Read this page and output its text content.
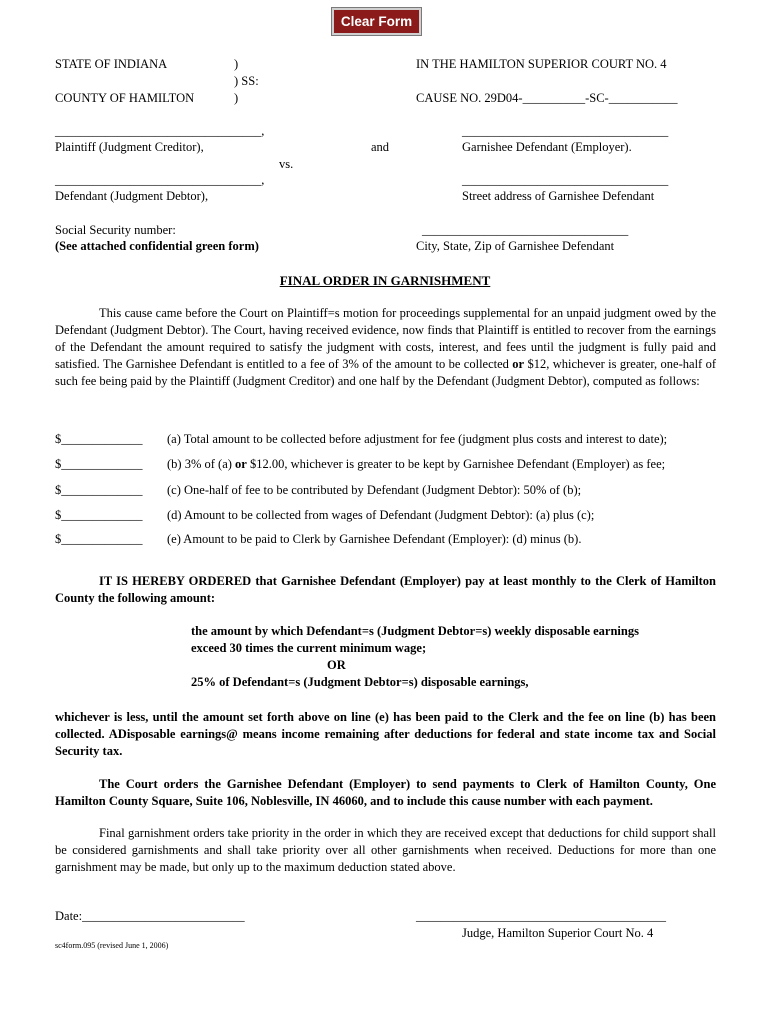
Clear Form
STATE OF INDIANA
COUNTY OF HAMILTON
)
) SS:
)
IN THE HAMILTON SUPERIOR COURT NO. 4
CAUSE NO. 29D04-__________-SC-___________
_________________________________,
Plaintiff (Judgment Creditor),	and
vs.
_________________________________,
Defendant (Judgment Debtor),
_________________________________
Garnishee Defendant (Employer).
_________________________________
Street address of Garnishee Defendant
Social Security number:
(See attached confidential green form)
_________________________________
City, State, Zip of Garnishee Defendant
FINAL ORDER IN GARNISHMENT
This cause came before the Court on Plaintiff=s motion for proceedings supplemental for an unpaid judgment owed by the Defendant (Judgment Debtor). The Court, having received evidence, now finds that Plaintiff is entitled to recover from the earnings of the Defendant the amount required to satisfy the judgment with costs, interest, and fees until the judgment is fully paid and satisfied. The Garnishee Defendant is entitled to a fee of 3% of the amount to be collected or $12, whichever is greater, one-half of such fee being paid by the Plaintiff (Judgment Creditor) and one half by the Defendant (Judgment Debtor), computed as follows:
$_____________ (a) Total amount to be collected before adjustment for fee (judgment plus costs and interest to date);
$_____________ (b) 3% of (a) or $12.00, whichever is greater to be kept by Garnishee Defendant (Employer) as fee;
$_____________ (c) One-half of fee to be contributed by Defendant (Judgment Debtor): 50% of (b);
$_____________ (d) Amount to be collected from wages of Defendant (Judgment Debtor): (a) plus (c);
$_____________ (e) Amount to be paid to Clerk by Garnishee Defendant (Employer): (d) minus (b).
IT IS HEREBY ORDERED that Garnishee Defendant (Employer) pay at least monthly to the Clerk of Hamilton County the following amount:
the amount by which Defendant=s (Judgment Debtor=s) weekly disposable earnings
exceed 30 times the current minimum wage;
OR
25% of Defendant=s (Judgment Debtor=s) disposable earnings,
whichever is less, until the amount set forth above on line (e) has been paid to the Clerk and the fee on line (b) has been collected. ADisposable earnings@ means income remaining after deductions for federal and state income tax and Social Security tax.
The Court orders the Garnishee Defendant (Employer) to send payments to Clerk of Hamilton County, One Hamilton County Square, Suite 106, Noblesville, IN 46060, and to include this cause number with each payment.
Final garnishment orders take priority in the order in which they are received except that deductions for child support shall be considered garnishments and shall take priority over all other garnishments when received. Deductions for more than one garnishment may be made, but only up to the maximum deduction stated above.
Date:__________________________	________________________________________
Judge, Hamilton Superior Court No. 4
sc4form.095 (revised June 1, 2006)
